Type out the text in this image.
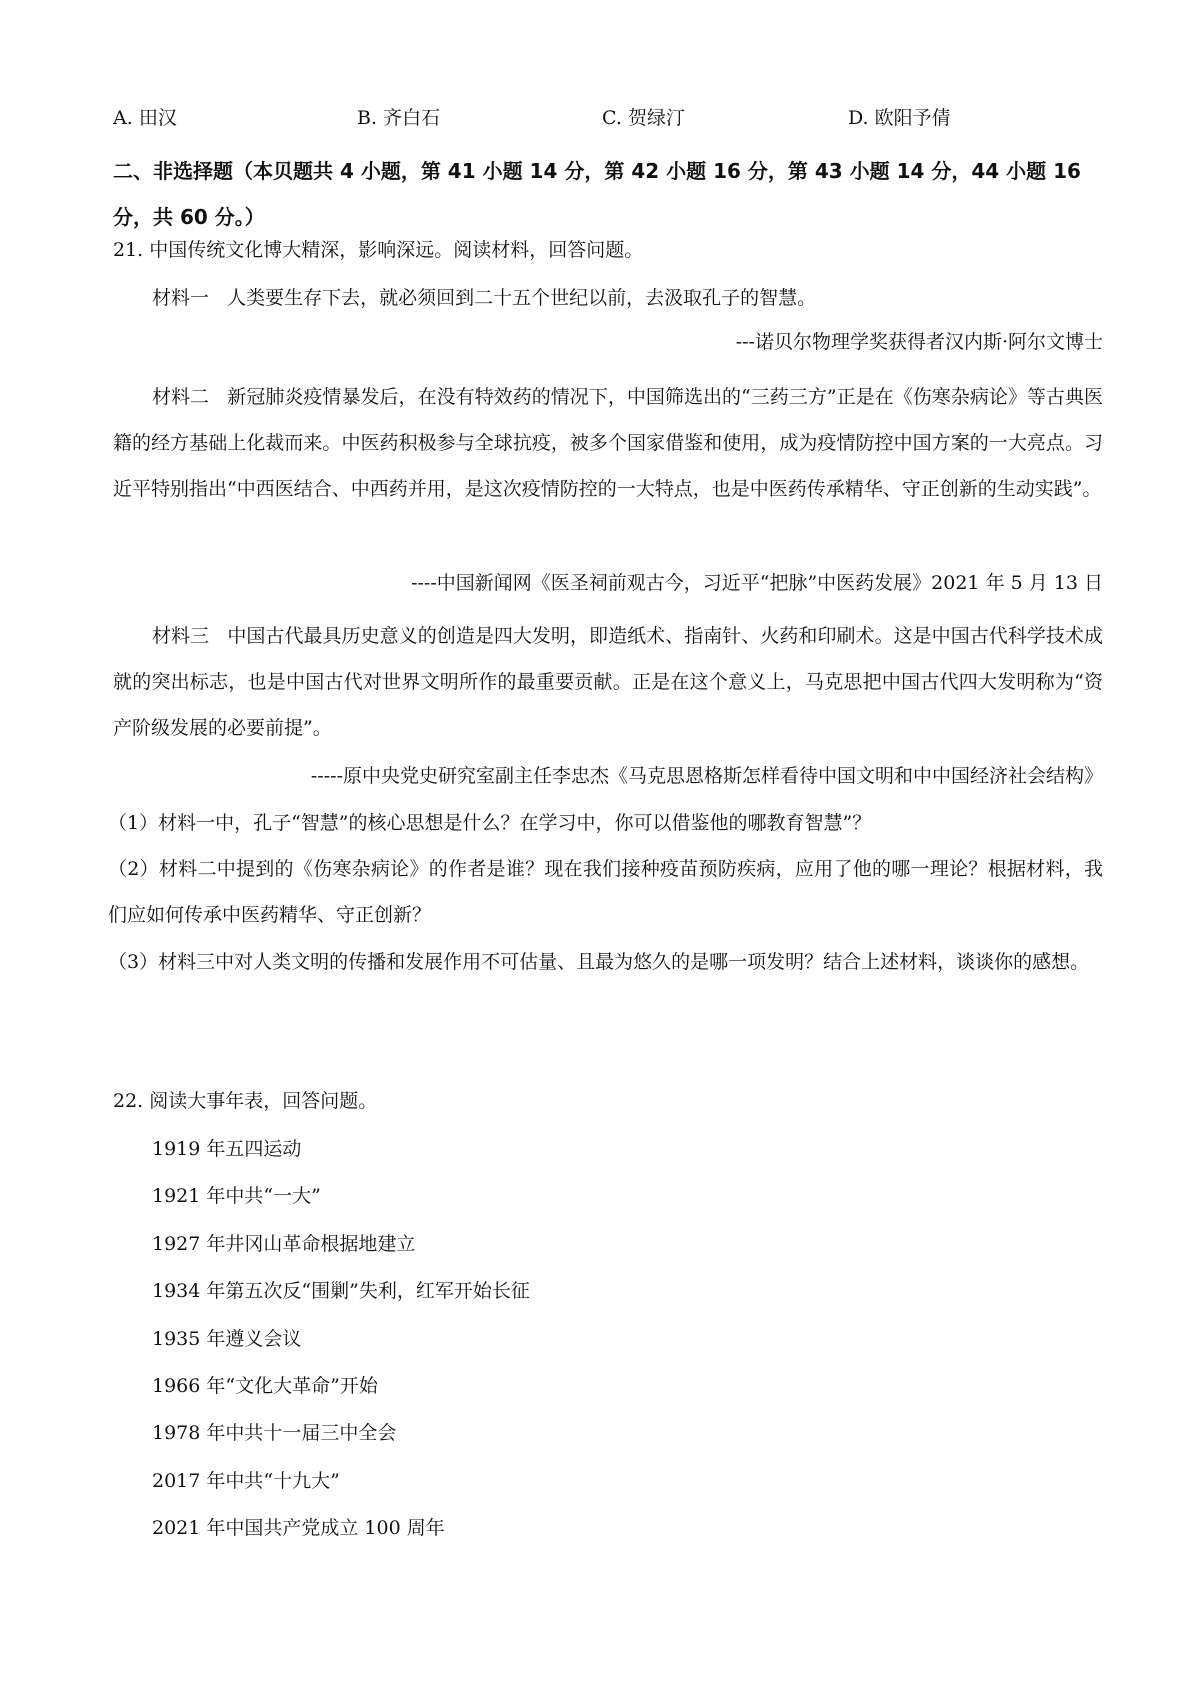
A. 田汉	B. 齐白石	C. 贺绿汀	D. 欧阳予倩

二、非选择题（本贝题共 4 小题，第 41 小题 14 分，第 42 小题 16 分，第 43 小题 14 分，44 小题 16 分，共 60 分。）

21. 中国传统文化博大精深，影响深远。阅读材料，回答问题。
材料一 人类要生存下去，就必须回到二十五个世纪以前，去汲取孔子的智慧。
---诺贝尔物理学奖获得者汉内斯·阿尔文博士
材料二 新冠肺炎疫情暴发后，在没有特效药的情况下，中国筛选出的“三药三方”正是在《伤寒杂病论》等古典医籍的经方基础上化裁而来。中医药积极参与全球抗疫，被多个国家借鉴和使用，成为疫情防控中国方案的一大亮点。习近平特别指出“中西医结合、中西药并用，是这次疫情防控的一大特点，也是中医药传承精华、守正创新的生动实践”。
----中国新闻网《医圣祠前观古今，习近平“把脉”中医药发展》2021 年 5 月 13 日
材料三 中国古代最具历史意义的创造是四大发明，即造纸术、指南针、火药和印刷术。这是中国古代科学技术成就的突出标志，也是中国古代对世界文明所作的最重要贡献。正是在这个意义上，马克思把中国古代四大发明称为“资产阶级发展的必要前提”。
-----原中央党史研究室副主任李忠杰《马克思恩格斯怎样看待中国文明和中中国经济社会结构》
（1）材料一中，孔子“智慧”的核心思想是什么？在学习中，你可以借鉴他的哪教育智慧”？
（2）材料二中提到的《伤寒杂病论》的作者是谁？现在我们接种疫苗预防疾病，应用了他的哪一理论？根据材料，我们应如何传承中医药精华、守正创新？
（3）材料三中对人类文明的传播和发展作用不可估量、且最为悠久的是哪一项发明？结合上述材料，谈谈你的感想。
22. 阅读大事年表，回答问题。
1919 年五四运动
1921 年中共“一大”
1927 年井冈山革命根据地建立
1934 年第五次反“围剿”失利，红军开始长征
1935 年遵义会议
1966 年“文化大革命”开始
1978 年中共十一届三中全会
2017 年中共“十九大”
2021 年中国共产党成立 100 周年
